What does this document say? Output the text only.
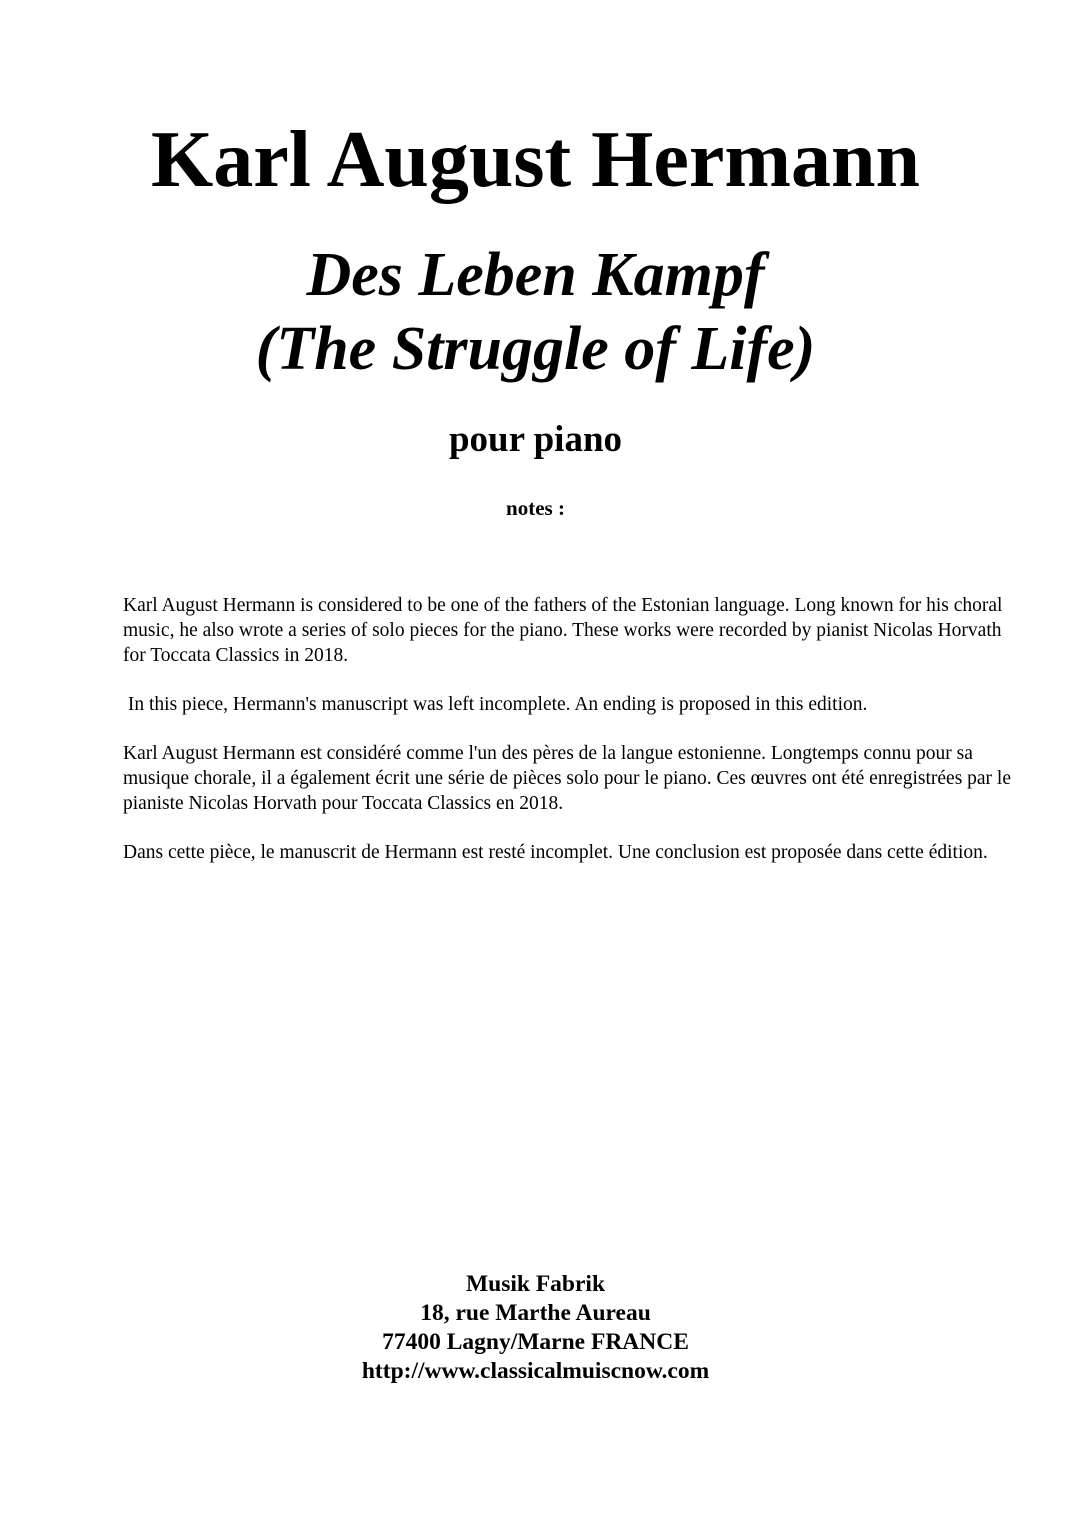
Karl August Hermann
Des Leben Kampf
(The Struggle of Life)
pour piano
notes :

Karl August Hermann is considered to be one of the fathers of the Estonian language. Long known for his choral music, he also wrote a series of solo pieces for the piano. These works were recorded by pianist Nicolas Horvath for Toccata Classics in 2018.

In this piece, Hermann's manuscript was left incomplete. An ending is proposed in this edition.

Karl August Hermann est considéré comme l'un des pères de la langue estonienne. Longtemps connu pour sa musique chorale, il a également écrit une série de pièces solo pour le piano. Ces œuvres ont été enregistrées par le pianiste Nicolas Horvath pour Toccata Classics en 2018.

Dans cette pièce, le manuscrit de Hermann est resté incomplet. Une conclusion est proposée dans cette édition.

Musik Fabrik
18, rue Marthe Aureau
77400 Lagny/Marne FRANCE
http://www.classicalmuiscnow.com
